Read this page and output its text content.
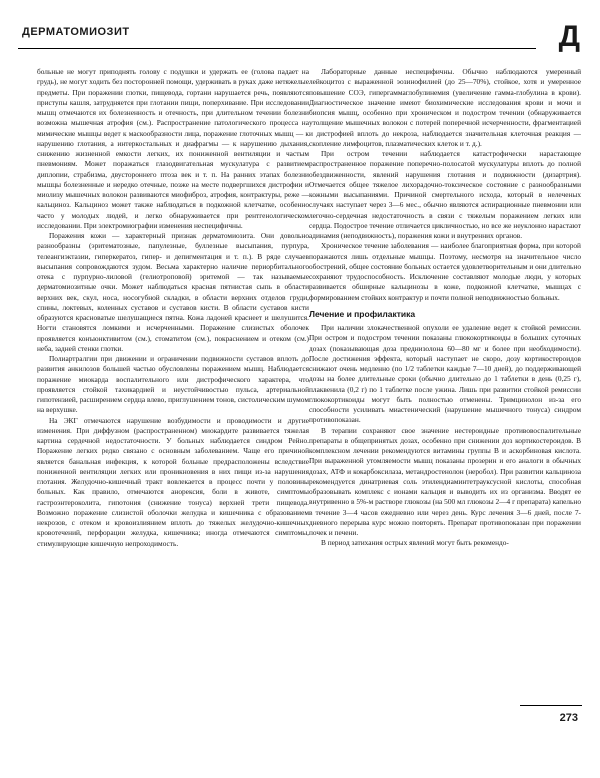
ДЕРМАТОМИОЗИТ	Д

больные не могут приподнять голову с подушки и удержать ее (голова падает на грудь), не могут ходить без посторонней помощи, удерживать в руках даже нетяжелые предметы. При поражении глотки, пищевода, гортани нарушается речь, появляются приступы кашля, затрудняется при глотании пищи, поперхивание. При исследовании мышц отмечаются их болезненность и отечность, при длительном течении болезни возможна мышечная атрофия (см.). Распространение патологического процесса на мимические мышцы ведет к маскообразности лица, поражение глоточных мышц — к нарушению глотания, а интеркостальных и диафрагмы — к нарушению дыхания, снижению жизненной емкости легких, их пониженной вентиляции и частым пневмониям. Может поражаться глазодвигательная мускулатура с развитием диплопии, страбизма, двустороннего птоза век и т. п. На ранних этапах болезни мышцы болезненные и нередко отечные, позже на месте подвергшихся дистрофии и миолизу мышечных волокон развиваются миофиброз, атрофия, контрактуры, реже — кальциноз. Кальциноз может также наблюдаться в подкожной клетчатке, особенно часто у молодых людей, и легко обнаруживается при рентгенологическом исследовании. При электромиографии изменения неспецифичны.

Поражения кожи — характерный признак дерматомиозита. Они довольно разнообразны (эритематозные, папулезные, буллезные высыпания, пурпура, телеангиэктазии, гиперкератоз, гипер- и депигментация и т. п.). В ряде случаев высыпания сопровождаются зудом. Весьма характерно наличие периорбитального отека с пурпурно-лиловой (гелиотроповой) эритемой — так называемые дерматомиозитные очки. Может наблюдаться красная пятнистая сыпь в области верхних век, скул, носа, носогубной складки, в области верхних отделов груди, спины, локтевых, коленных суставов и суставов кисти. В области суставов кисти образуются красноватые шелушащиеся пятна. Кожа ладоней краснеет и шелушится. Ногти становятся ломкими и исчерченными. Поражение слизистых оболочек проявляется конъюнктивитом (см.), стоматитом (см.), покраснением и отеком (см.) неба, задней стенки глотки.

Полиартралгии при движении и ограничении подвижности суставов вплоть до развития анкилозов большей частью обусловлены поражением мышц. Наблюдается поражение миокарда воспалительного или дистрофического характера, что проявляется стойкой тахикардией и неустойчивостью пульса, артериальной гипотензией, расширением сердца влево, приглушением тонов, систолическим шумом на верхушке.

На ЭКГ отмечаются нарушение возбудимости и проводимости и другие изменения. При диффузном (распространенном) миокардите развивается тяжелая картина сердечной недостаточности. У больных наблюдается синдром Рейно. Поражение легких редко связано с основным заболеванием. Чаще его причиной является банальная инфекция, к которой больные предрасположены вследствие пониженной вентиляции легких или проникновения в них пищи из-за нарушения глотания. Желудочно-кишечный тракт вовлекается в процесс почти у половины больных. Как правило, отмечаются анорексия, боли в животе, симптомы гастроэнтероколита, гипотония (снижение тонуса) верхней трети пищевода. Возможно поражение слизистой оболочки желудка и кишечника с образованием некрозов, с отеком и кровоизлиянием вплоть до тяжелых желудочно-кишечных кровотечений, перфорации желудка, кишечника; иногда отмечаются симптомы, стимулирующие кишечную непроходимость.

Лабораторные данные неспецифичны. Обычно наблюдаются умеренный лейкоцитоз с выраженной эозинофилией (до 25—70%), стойкое, хотя и умеренное повышение СОЭ, гипергаммаглобулинемия (увеличение гамма-глобулина в крови). Диагностическое значение имеют биохимические исследования крови и мочи и биопсия мышц, особенно при хроническом и подостром течении (обнаруживается утолщение мышечных волокон с потерей поперечной исчерченности, фрагментацией и дистрофией вплоть до некроза, наблюдается значительная клеточная реакция — скопление лимфоцитов, плазматических клеток и т. д.).

При остром течении наблюдается катастрофически нарастающее распространенное поражение поперечно-полосатой мускулатуры вплоть до полной обездвиженности, явлений нарушения глотания и подвижности (дизартрия). Отмечается общее тяжелое лихорадочно-токсическое состояние с разнообразными кожными высыпаниями. Причиной смертельного исхода, который в нелеченых случаях наступает через 3—6 мес., обычно являются аспирационные пневмонии или легочно-сердечная недостаточность в связи с тяжелым поражением легких или сердца. Подострое течение отличается цикличностью, но все же неуклонно нарастают адинамия (неподвижность), поражения кожи и внутренних органов.

Хроническое течение заболевания — наиболее благоприятная форма, при которой поражаются лишь отдельные мышцы. Поэтому, несмотря на значительное число обострений, общее состояние больных остается удовлетворительным и они длительно сохраняют трудоспособность. Исключение составляют молодые люди, у которых развивается обширные кальцинозы в коже, подкожной клетчатке, мышцах с формированием стойких контрактур и почти полной неподвижностью больных.

Лечение и профилактика

При наличии злокачественной опухоли ее удаление ведет к стойкой ремиссии. При остром и подостром течении показаны глюкокортикоиды в больших суточных дозах (показывающая доза преднизолона 60—80 мг и более при необходимости). После достижения эффекта, который наступает не скоро, дозу кортикостероидов снижают очень медленно (по 1/2 таблетки каждые 7—10 дней), до поддерживающей дозы на более длительные сроки (обычно длительно до 1 таблетки в день (0,25 г), плаквенила (0,2 г) по 1 таблетке после ужина. Лишь при развитии стойкой ремиссии глюкокортикоиды могут быть полностью отменены. Тримцинолон из-за его способности усиливать миастенический (нарушение мышечного тонуса) синдром противопоказан.

В терапии сохраняют свое значение нестероидные противовоспалительные препараты в общепринятых дозах, особенно при снижении доз кортикостероидов. В комплексном лечении рекомендуются витамины группы В и аскорбиновая кислота. При выраженной утомляемости мышц показаны прозерин и его аналоги в обычных дозах, АТФ и кокарбоксилаза, метандростенолон (неробол). При развитии кальциноза рекомендуется динатриевая соль этилендиаминтетрауксусной кислоты, способная образовывать комплекс с ионами кальция и выводить их из организма. Вводят ее внутривенно в 5%-м растворе глюкозы (на 500 мл глюкозы 2—4 г препарата) капельно в течение 3—4 часов ежедневно или через день. Курс лечения 3—6 дней, после 7-дневного перерыва курс можно повторять. Препарат противопоказан при поражении почек и печени.

В период затихания острых явлений могут быть рекомендо-

273
